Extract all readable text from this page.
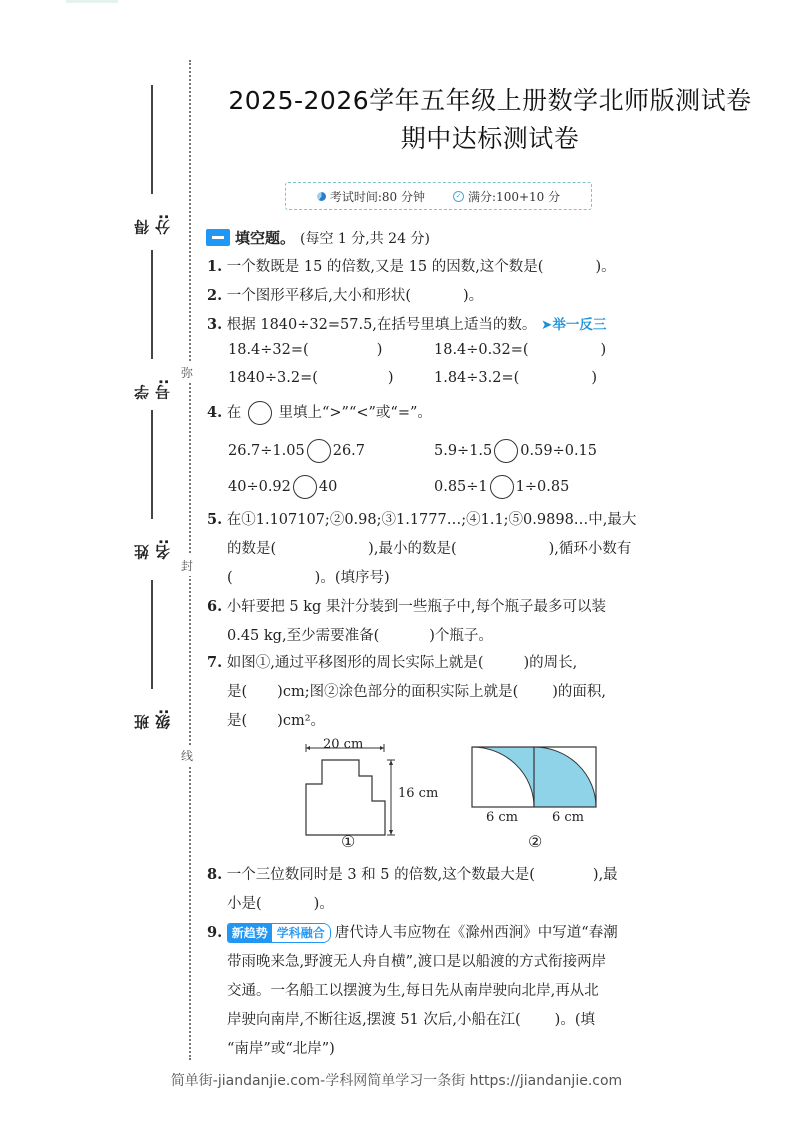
弥
封
线
得分:
学号:
姓名:
班级:
2025-2026学年五年级上册数学北师版测试卷
期中达标测试卷
考试时间:80 分钟	✓ 满分:100+10 分
填空题。 (每空 1 分,共 24 分)
1. 一个数既是 15 的倍数,又是 15 的因数,这个数是(	)。
2. 一个图形平移后,大小和形状(	)。
3. 根据 1840÷32=57.5,在括号里填上适当的数。 ➤举一反三
18.4÷32=(	)	18.4÷0.32=(	)
1840÷3.2=(	)	1.84÷3.2=(	)
4. 在	里填上“>”“<”或“=”。
26.7÷1.05 26.7	5.9÷1.5 0.59÷0.15
40÷0.92 40	0.85÷1 1÷0.85
5. 在①1.107107;②0.98;③1.1777…;④1.1;⑤0.9898…中,最大
的数是(	),最小的数是(	),循环小数有
(	)。(填序号)
6. 小轩要把 5 kg 果汁分装到一些瓶子中,每个瓶子最多可以装
0.45 kg,至少需要准备(	)个瓶子。
7. 如图①,通过平移图形的周长实际上就是(	)的周长,
是( )cm;图②涂色部分的面积实际上就是( )的面积,
是( )cm²。
20 cm
16 cm
①
6 cm	6 cm
②
8. 一个三位数同时是 3 和 5 的倍数,这个数最大是(	),最
小是(	)。
9. 新趋势 学科融合 唐代诗人韦应物在《滁州西涧》中写道“春潮
带雨晚来急,野渡无人舟自横”,渡口是以船渡的方式衔接两岸
交通。一名船工以摆渡为生,每日先从南岸驶向北岸,再从北
岸驶向南岸,不断往返,摆渡 51 次后,小船在江( )。(填
“南岸”或“北岸”)
简单街-jiandanjie.com-学科网简单学习一条街 https://jiandanjie.com
